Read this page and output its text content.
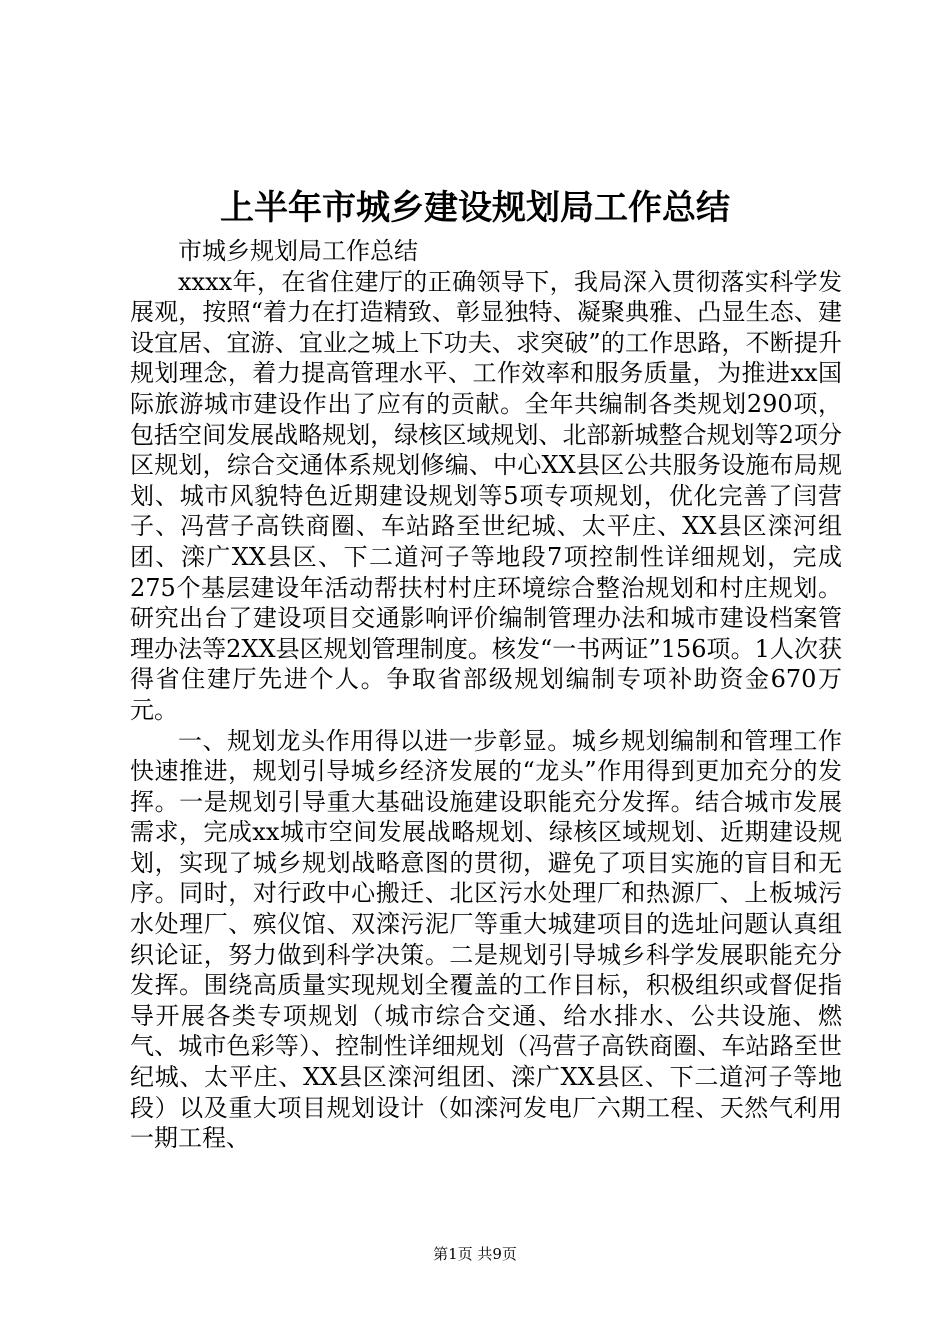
上半年市城乡建设规划局工作总结

市城乡规划局工作总结

xxxx年，在省住建厅的正确领导下，我局深入贯彻落实科学发展观，按照“着力在打造精致、彰显独特、凝聚典雅、凸显生态、建设宜居、宜游、宜业之城上下功夫、求突破”的工作思路，不断提升规划理念，着力提高管理水平、工作效率和服务质量，为推进xx国际旅游城市建设作出了应有的贡献。全年共编制各类规划290项，包括空间发展战略规划，绿核区域规划、北部新城整合规划等2项分区规划，综合交通体系规划修编、中心XX县区公共服务设施布局规划、城市风貌特色近期建设规划等5项专项规划，优化完善了闫营子、冯营子高铁商圈、车站路至世纪城、太平庄、XX县区滦河组团、滦广XX县区、下二道河子等地段7项控制性详细规划，完成275个基层建设年活动帮扶村村庄环境综合整治规划和村庄规划。研究出台了建设项目交通影响评价编制管理办法和城市建设档案管理办法等2XX县区规划管理制度。核发“一书两证”156项。1人次获得省住建厅先进个人。争取省部级规划编制专项补助资金670万元。

一、规划龙头作用得以进一步彰显。城乡规划编制和管理工作快速推进，规划引导城乡经济发展的“龙头”作用得到更加充分的发挥。一是规划引导重大基础设施建设职能充分发挥。结合城市发展需求，完成xx城市空间发展战略规划、绿核区域规划、近期建设规划，实现了城乡规划战略意图的贯彻，避免了项目实施的盲目和无序。同时，对行政中心搬迁、北区污水处理厂和热源厂、上板城污水处理厂、殡仪馆、双滦污泥厂等重大城建项目的选址问题认真组织论证，努力做到科学决策。二是规划引导城乡科学发展职能充分发挥。围绕高质量实现规划全覆盖的工作目标，积极组织或督促指导开展各类专项规划（城市综合交通、给水排水、公共设施、燃气、城市色彩等）、控制性详细规划（冯营子高铁商圈、车站路至世纪城、太平庄、XX县区滦河组团、滦广XX县区、下二道河子等地段）以及重大项目规划设计（如滦河发电厂六期工程、天然气利用一期工程、

第1页 共9页
